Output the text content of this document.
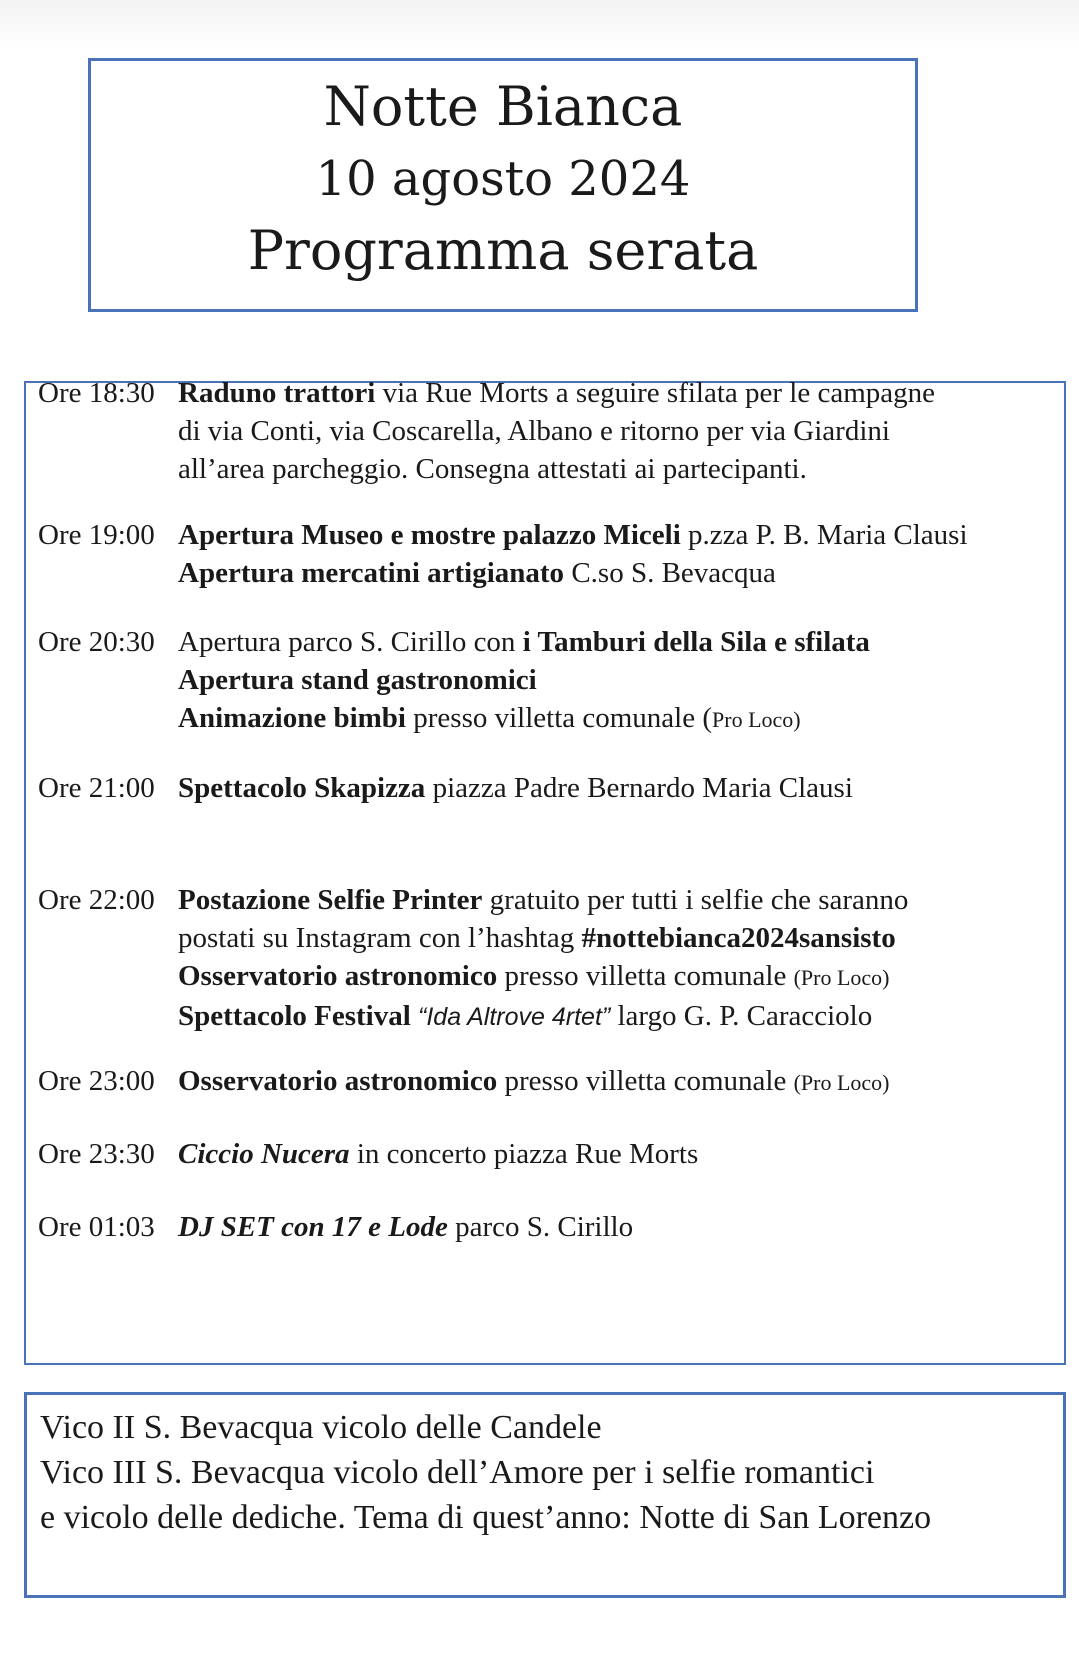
Notte Bianca
10 agosto 2024
Programma serata
Ore 18:30 Raduno trattori via Rue Morts a seguire sfilata per le campagne
di via Conti, via Coscarella, Albano e ritorno per via Giardini
all’area parcheggio. Consegna attestati ai partecipanti.
Ore 19:00 Apertura Museo e mostre palazzo Miceli p.zza P. B. Maria Clausi
Apertura mercatini artigianato C.so S. Bevacqua
Ore 20:30 Apertura parco S. Cirillo con i Tamburi della Sila e sfilata
Apertura stand gastronomici
Animazione bimbi presso villetta comunale (Pro Loco)
Ore 21:00 Spettacolo Skapizza piazza Padre Bernardo Maria Clausi
Ore 22:00 Postazione Selfie Printer gratuito per tutti i selfie che saranno
postati su Instagram con l’hashtag #nottebianca2024sansisto
Osservatorio astronomico presso villetta comunale (Pro Loco)
Spettacolo Festival “Ida Altrove 4rtet” largo G. P. Caracciolo
Ore 23:00 Osservatorio astronomico presso villetta comunale (Pro Loco)
Ore 23:30 Ciccio Nucera in concerto piazza Rue Morts
Ore 01:03 DJ SET con 17 e Lode parco S. Cirillo
Vico II S. Bevacqua vicolo delle Candele
Vico III S. Bevacqua vicolo dell’Amore per i selfie romantici
e vicolo delle dediche. Tema di quest’anno: Notte di San Lorenzo
